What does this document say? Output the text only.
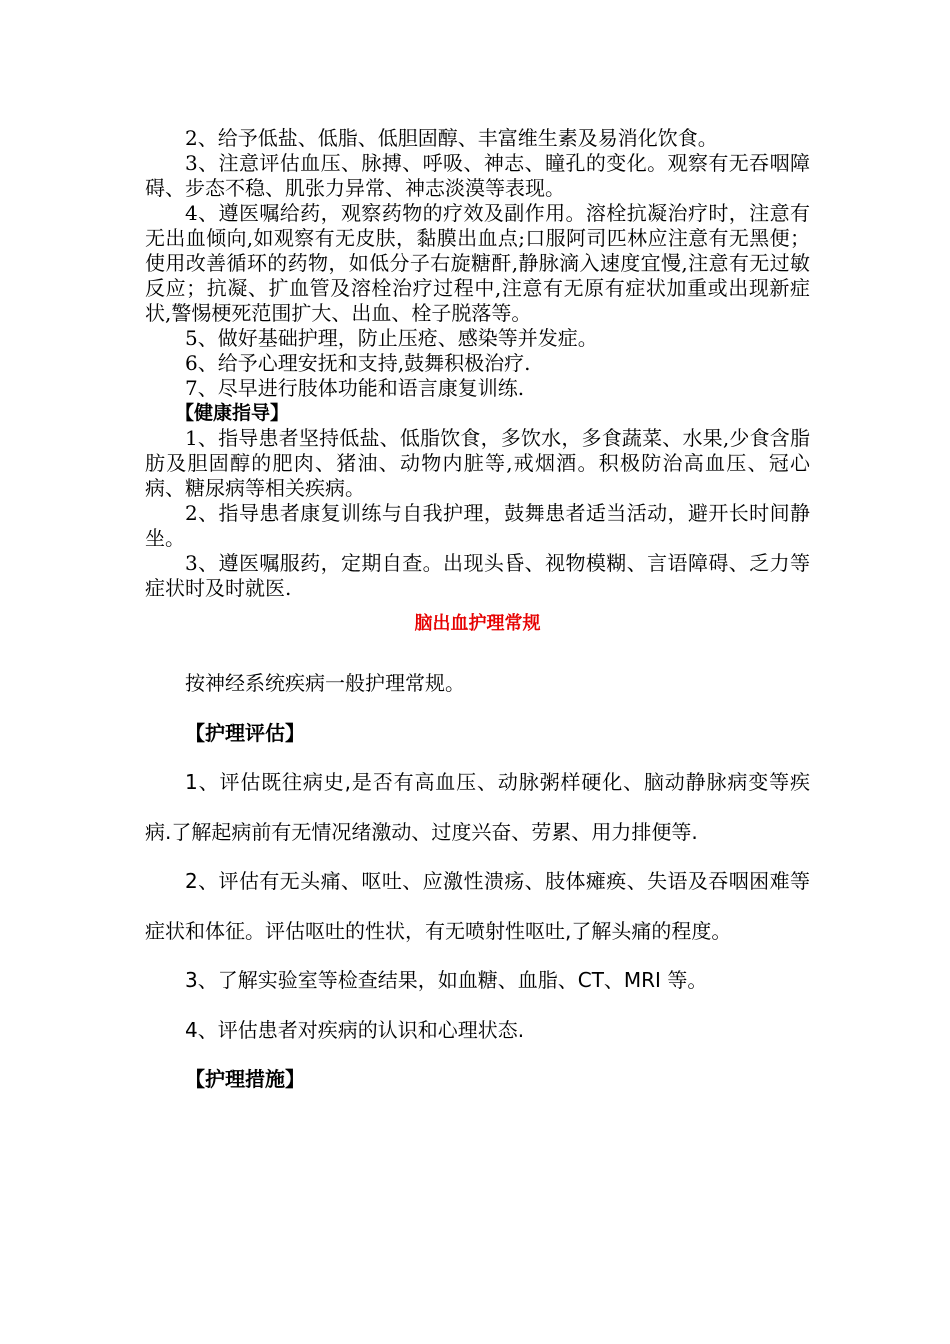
2、给予低盐、低脂、低胆固醇、丰富维生素及易消化饮食。

3、注意评估血压、脉搏、呼吸、神志、瞳孔的变化。观察有无吞咽障碍、步态不稳、肌张力异常、神志淡漠等表现。

4、遵医嘱给药，观察药物的疗效及副作用。溶栓抗凝治疗时，注意有无出血倾向,如观察有无皮肤，黏膜出血点;口服阿司匹林应注意有无黑便；使用改善循环的药物，如低分子右旋糖酐,静脉滴入速度宜慢,注意有无过敏反应；抗凝、扩血管及溶栓治疗过程中,注意有无原有症状加重或出现新症状,警惕梗死范围扩大、出血、栓子脱落等。

5、做好基础护理，防止压疮、感染等并发症。

6、给予心理安抚和支持,鼓舞积极治疗.

7、尽早进行肢体功能和语言康复训练.

【健康指导】

1、指导患者坚持低盐、低脂饮食，多饮水，多食蔬菜、水果,少食含脂肪及胆固醇的肥肉、猪油、动物内脏等,戒烟酒。积极防治高血压、冠心病、糖尿病等相关疾病。

2、指导患者康复训练与自我护理，鼓舞患者适当活动，避开长时间静坐。

3、遵医嘱服药，定期自查。出现头昏、视物模糊、言语障碍、乏力等症状时及时就医.

脑出血护理常规

按神经系统疾病一般护理常规。

【护理评估】

1、评估既往病史,是否有高血压、动脉粥样硬化、脑动静脉病变等疾病.了解起病前有无情况绪激动、过度兴奋、劳累、用力排便等.

2、评估有无头痛、呕吐、应激性溃疡、肢体瘫痪、失语及吞咽困难等症状和体征。评估呕吐的性状，有无喷射性呕吐,了解头痛的程度。

3、了解实验室等检查结果，如血糖、血脂、CT、MRI 等。

4、评估患者对疾病的认识和心理状态.

【护理措施】
